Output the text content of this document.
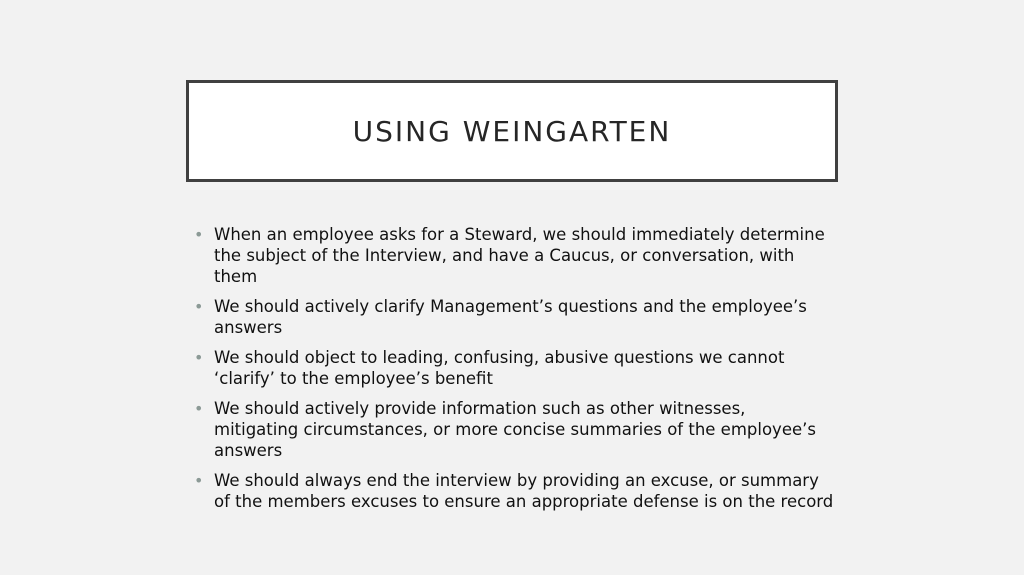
USING WEINGARTEN
• When an employee asks for a Steward, we should immediately determine the subject of the Interview, and have a Caucus, or conversation, with them
• We should actively clarify Management’s questions and the employee’s answers
• We should object to leading, confusing, abusive questions we cannot ‘clarify’ to the employee’s benefit
• We should actively provide information such as other witnesses, mitigating circumstances, or more concise summaries of the employee’s answers
• We should always end the interview by providing an excuse, or summary of the members excuses to ensure an appropriate defense is on the record
